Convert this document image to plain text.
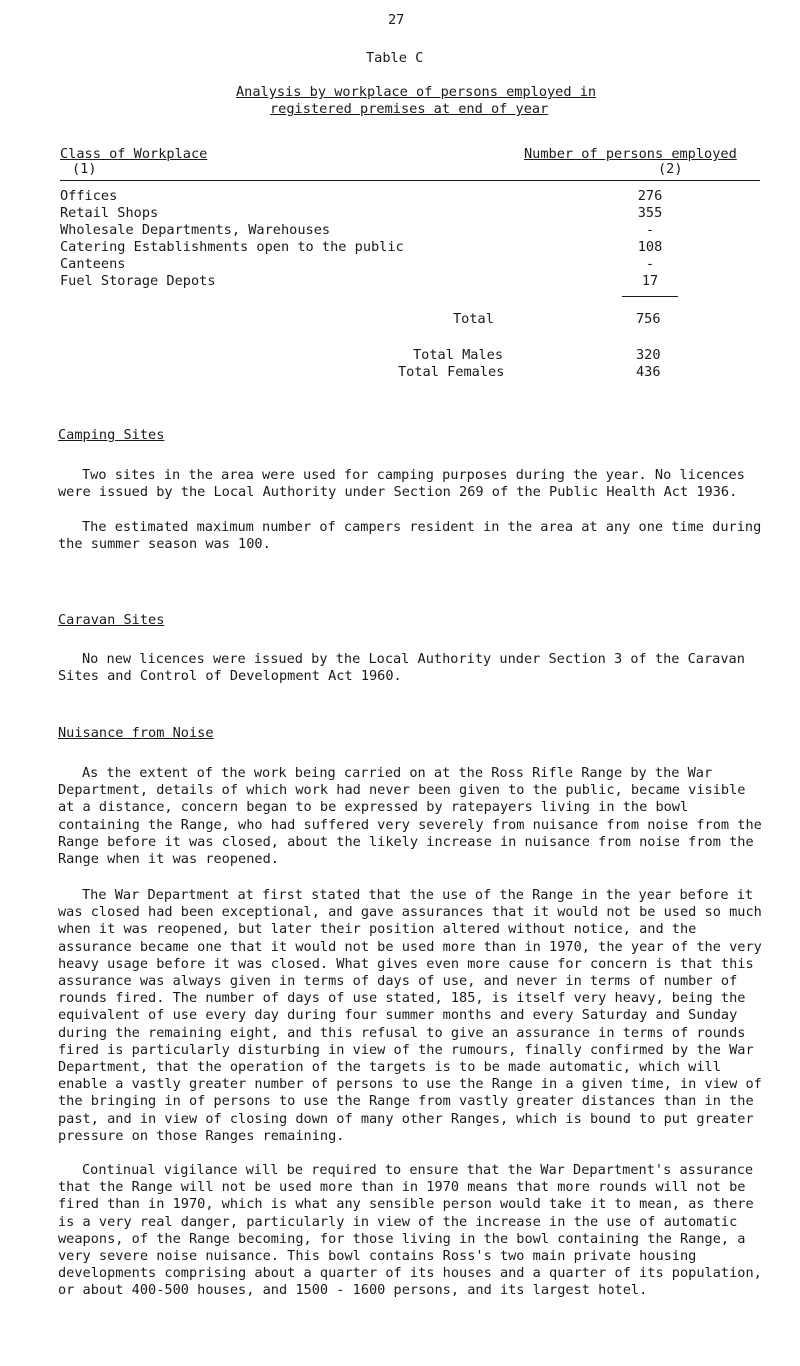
27
Table C
Analysis by workplace of persons employed in
registered premises at end of year
Class of Workplace
(1)
Number of persons employed
(2)
Offices	276
Retail Shops	355
Wholesale Departments, Warehouses	-
Catering Establishments open to the public	108
Canteens	-
Fuel Storage Depots	17
Total	756
Total Males	320
Total Females	436
Camping Sites

Two sites in the area were used for camping purposes during the year. No licences were issued by the Local Authority under Section 269 of the Public Health Act 1936.

The estimated maximum number of campers resident in the area at any one time during the summer season was 100.

Caravan Sites

No new licences were issued by the Local Authority under Section 3 of the Caravan Sites and Control of Development Act 1960.

Nuisance from Noise

As the extent of the work being carried on at the Ross Rifle Range by the War Department, details of which work had never been given to the public, became visible at a distance, concern began to be expressed by ratepayers living in the bowl containing the Range, who had suffered very severely from nuisance from noise from the Range before it was closed, about the likely increase in nuisance from noise from the Range when it was reopened.

The War Department at first stated that the use of the Range in the year before it was closed had been exceptional, and gave assurances that it would not be used so much when it was reopened, but later their position altered without notice, and the assurance became one that it would not be used more than in 1970, the year of the very heavy usage before it was closed. What gives even more cause for concern is that this assurance was always given in terms of days of use, and never in terms of number of rounds fired. The number of days of use stated, 185, is itself very heavy, being the equivalent of use every day during four summer months and every Saturday and Sunday during the remaining eight, and this refusal to give an assurance in terms of rounds fired is particularly disturbing in view of the rumours, finally confirmed by the War Department, that the operation of the targets is to be made automatic, which will enable a vastly greater number of persons to use the Range in a given time, in view of the bringing in of persons to use the Range from vastly greater distances than in the past, and in view of closing down of many other Ranges, which is bound to put greater pressure on those Ranges remaining.

Continual vigilance will be required to ensure that the War Department's assurance that the Range will not be used more than in 1970 means that more rounds will not be fired than in 1970, which is what any sensible person would take it to mean, as there is a very real danger, particularly in view of the increase in the use of automatic weapons, of the Range becoming, for those living in the bowl containing the Range, a very severe noise nuisance. This bowl contains Ross's two main private housing developments comprising about a quarter of its houses and a quarter of its population, or about 400-500 houses, and 1500 - 1600 persons, and its largest hotel.
